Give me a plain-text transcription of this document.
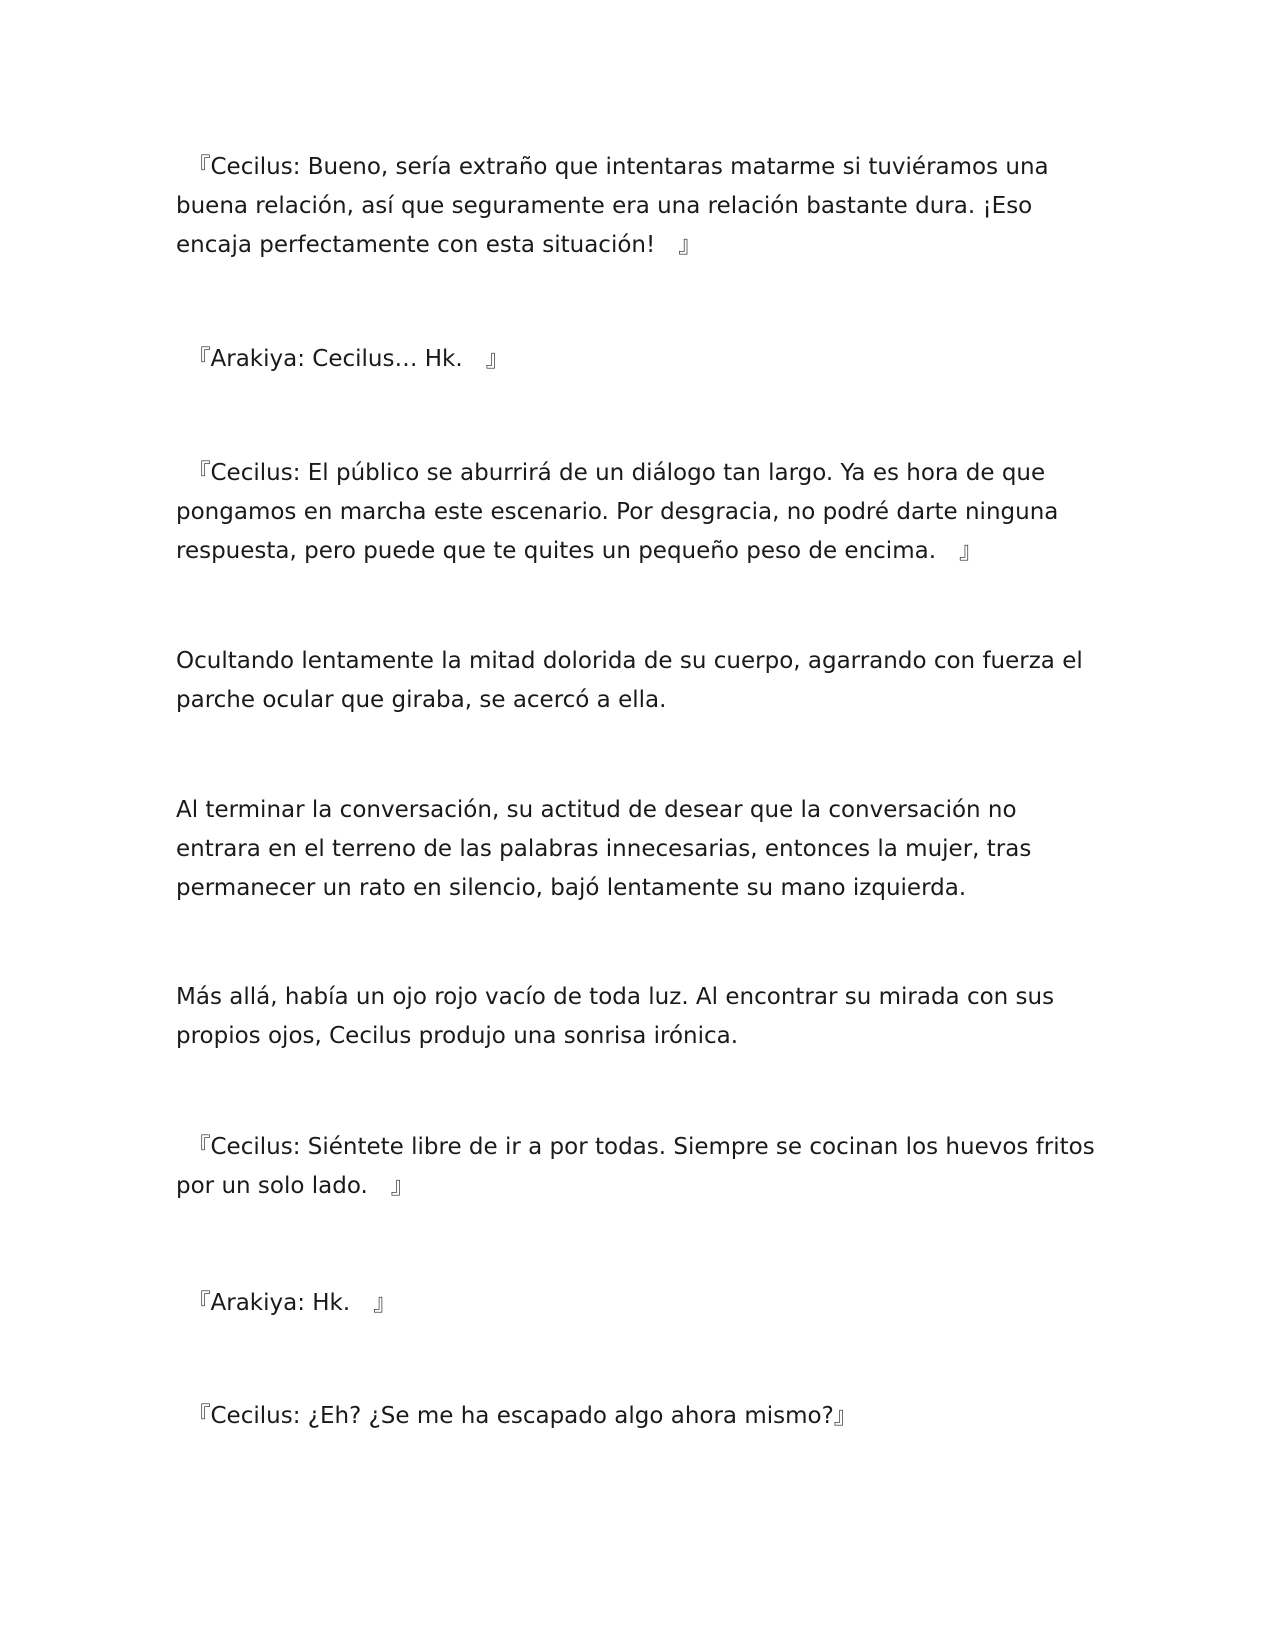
　『Cecilus: Bueno, sería extraño que intentaras matarme si tuviéramos una buena relación, así que seguramente era una relación bastante dura. ¡Eso encaja perfectamente con esta situación!　』

　『Arakiya: Cecilus… Hk.　』

　『Cecilus: El público se aburrirá de un diálogo tan largo. Ya es hora de que pongamos en marcha este escenario. Por desgracia, no podré darte ninguna respuesta, pero puede que te quites un pequeño peso de encima.　』

Ocultando lentamente la mitad dolorida de su cuerpo, agarrando con fuerza el parche ocular que giraba, se acercó a ella.

Al terminar la conversación, su actitud de desear que la conversación no entrara en el terreno de las palabras innecesarias, entonces la mujer, tras permanecer un rato en silencio, bajó lentamente su mano izquierda.

Más allá, había un ojo rojo vacío de toda luz. Al encontrar su mirada con sus propios ojos, Cecilus produjo una sonrisa irónica.

　『Cecilus: Siéntete libre de ir a por todas. Siempre se cocinan los huevos fritos por un solo lado.　』

　『Arakiya: Hk.　』

　『Cecilus: ¿Eh? ¿Se me ha escapado algo ahora mismo?』
